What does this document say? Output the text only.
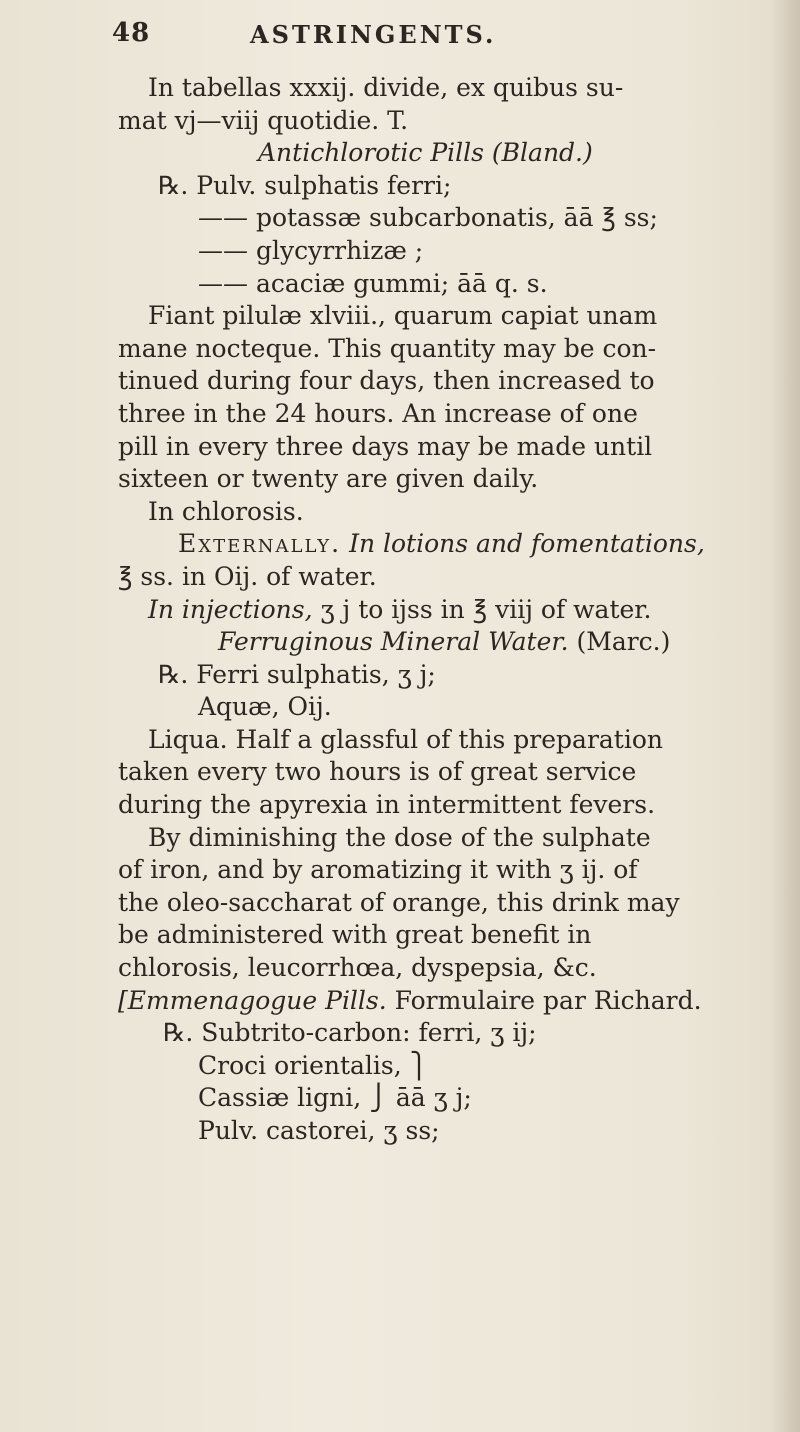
48	ASTRINGENTS.
In tabellas xxxij. divide, ex quibus su-
mat vj—viij quotidie. T.
Antichlorotic Pills (Bland.)
℞. Pulv. sulphatis ferri;
—— potassæ subcarbonatis, āā ℥ ss;
—— glycyrrhizæ ;
—— acaciæ gummi; āā q. s.
Fiant pilulæ xlviii., quarum capiat unam
mane nocteque. This quantity may be con-
tinued during four days, then increased to
three in the 24 hours. An increase of one
pill in every three days may be made until
sixteen or twenty are given daily.
In chlorosis.
Externally. In lotions and fomentations,
℥ ss. in Oij. of water.
In injections, ʒ j to ijss in ℥ viij of water.
Ferruginous Mineral Water. (Marc.)
℞. Ferri sulphatis, ʒ j;
Aquæ, Oij.
Liqua. Half a glassful of this preparation
taken every two hours is of great service
during the apyrexia in intermittent fevers.
By diminishing the dose of the sulphate
of iron, and by aromatizing it with ʒ ij. of
the oleo-saccharat of orange, this drink may
be administered with great benefit in
chlorosis, leucorrhœa, dyspepsia, &c.
[Emmenagogue Pills. Formulaire par Richard.
℞. Subtrito-carbon: ferri, ʒ ij;
Croci orientalis, ⎫
Cassiæ ligni, ⎭ āā ʒ j;
Pulv. castorei, ʒ ss;
